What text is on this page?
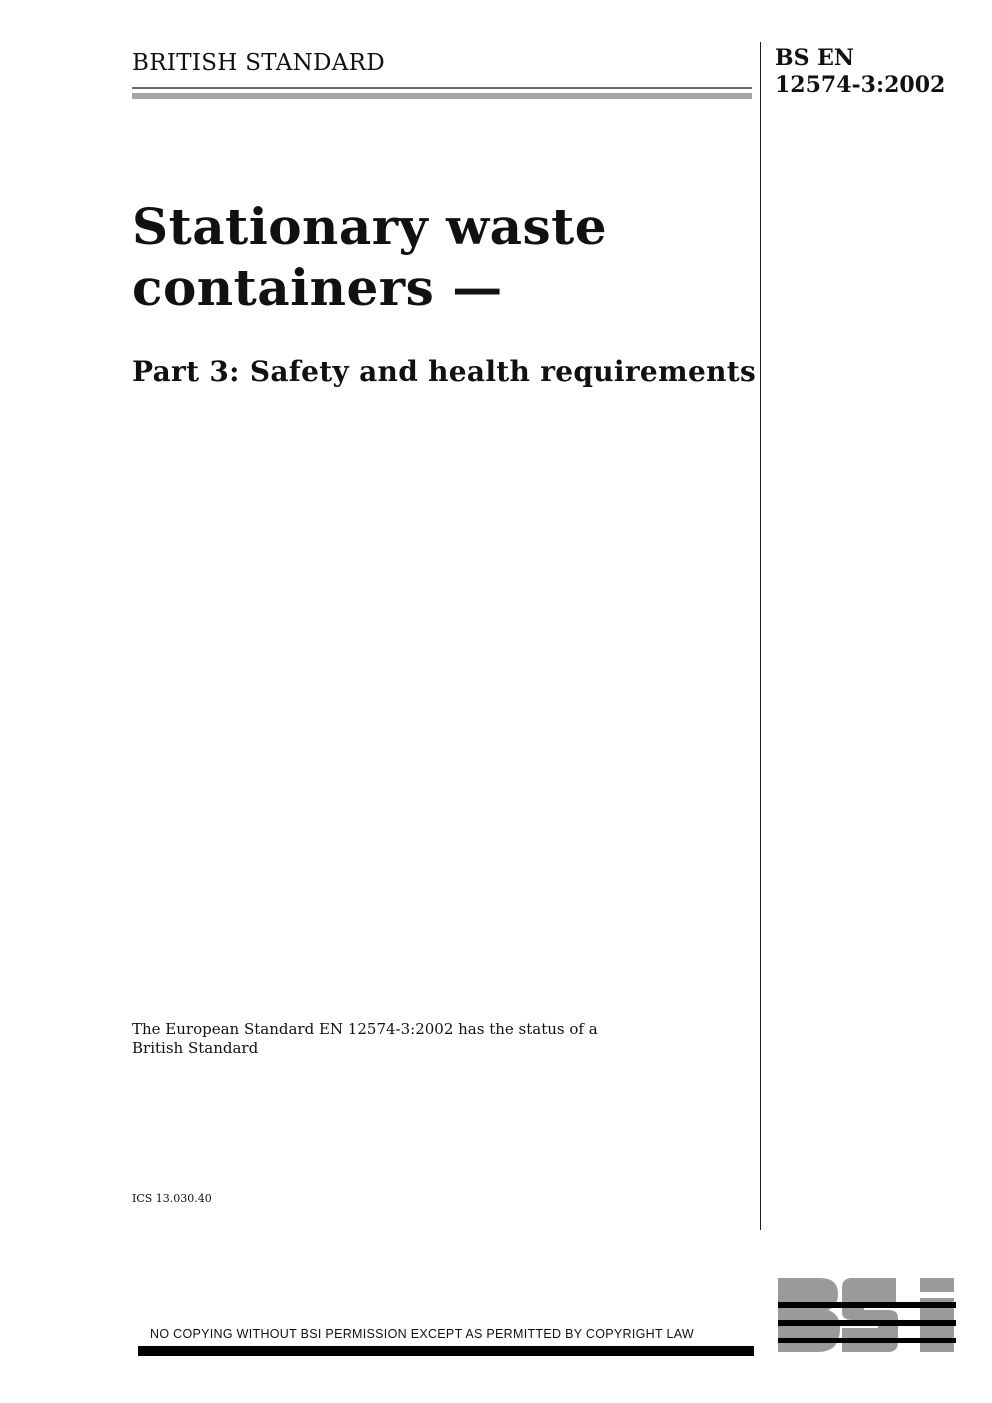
BRITISH STANDARD	BS EN
12574-3:2002
Stationary waste
containers —
Part 3: Safety and health requirements
The European Standard EN 12574-3:2002 has the status of a
British Standard
ICS 13.030.40
NO COPYING WITHOUT BSI PERMISSION EXCEPT AS PERMITTED BY COPYRIGHT LAW
